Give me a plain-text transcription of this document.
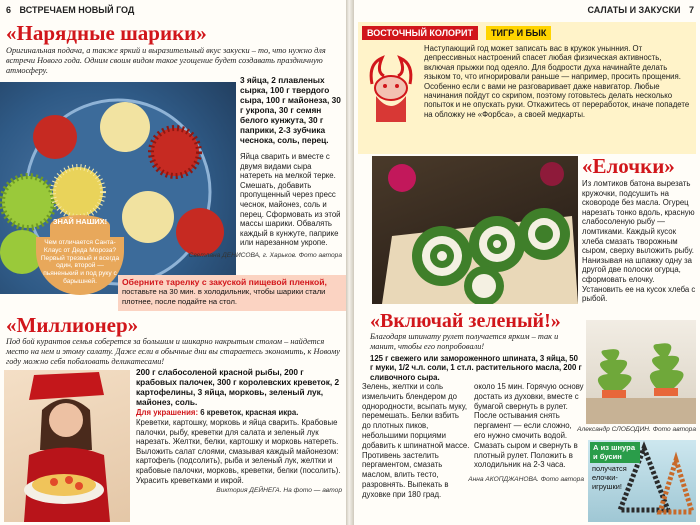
6 ВСТРЕЧАЕМ НОВЫЙ ГОД
«Нарядные шарики»
Оригинальная подача, а также яркий и выразительный вкус закуски – то, что нужно для встречи Нового года. Одним своим видом такое угощение будет создавать праздничную атмосферу.
ЗНАЙ НАШИХ!
Чем отличается Санта-Клаус от Деда Мороза? Первый трезвый и всегда один, второй — пьяненький и под руку с барышней.
3 яйца, 2 плавленых сырка, 100 г твердого сыра, 100 г майонеза, 30 г укропа, 30 г семян белого кунжута, 30 г паприки, 2-3 зубчика чеснока, соль, перец.
Яйца сварить и вместе с двумя видами сыра натереть на мелкой терке. Смешать, добавить пропущенный через пресс чеснок, майонез, соль и перец. Сформовать из этой массы шарики. Обвалять каждый в кунжуте, паприке или нарезанном укропе.
Светлана ДЕНИСОВА, г. Харьков. Фото автора
Оберните тарелку с закуской пищевой пленкой, поставьте на 30 мин. в холодильник, чтобы шарики стали плотнее, после подайте на стол.
«Миллионер»
Под бой курантов семья соберется за большим и шикарно накрытым столом – найдется место на нем и этому салату. Даже если в обычные дни вы стараетесь экономить, к Новому году можно себя побаловать деликатесами!
200 г слабосоленой красной рыбы, 200 г крабовых палочек, 300 г королевских креветок, 2 картофелины, 3 яйца, морковь, зеленый лук, майонез, соль.
Для украшения: 6 креветок, красная икра.
Креветки, картошку, морковь и яйца сварить. Крабовые палочки, рыбу, креветки для салата и зеленый лук нарезать. Желтки, белки, картошку и морковь натереть. Выложить салат слоями, смазывая каждый майонезом: картофель (подсолить), рыба и зеленый лук, желтки и крабовые палочки, морковь, креветки, белки (посолить). Украсить креветками и икрой.
Виктория ДЕЙНЕГА. На фото — автор
САЛАТЫ И ЗАКУСКИ 7
ВОСТОЧНЫЙ КОЛОРИТ	ТИГР И БЫК
Наступающий год может записать вас в кружок унынния. От депрессивных настроений спасет любая физическая активность, включая прыжки под одеяло. Для бодрости духа начинайте делать языком то, что игнорировали раньше — например, просить прощения. Особенно если с вами не разговаривает даже навигатор. Любые начинания пойдут со скрипом, поэтому готовьтесь делать несколько попыток и не опускать руки. Откажитесь от переработок, иначе попадете на обложку не «Форбса», а своей медкарты.
«Елочки»
Из ломтиков батона вырезать кружочки, подсушить на сковороде без масла. Огурец нарезать тонко вдоль, красную слабосоленую рыбу — ломтиками. Каждый кусок хлеба смазать творожным сыром, сверху выложить рыбу. Нанизывая на шпажку одну за другой две полоски огурца, сформовать елочку. Установить ее на кусок хлеба с рыбой.
Александр СЛОБОДИН. Фото автора
«Включай зеленый!»
Благодаря шпинату рулет получается ярким – так и манит, чтобы его попробовали!
125 г свежего или замороженного шпината, 3 яйца, 50 г муки, 1/2 ч.л. соли, 1 ст.л. растительного масла, 200 г сливочного сыра.
Зелень, желтки и соль измельчить блендером до однородности, всыпать муку, перемешать. Белки взбить до плотных пиков, небольшими порциями добавить к шпинатной массе. Противень застелить пергаментом, смазать маслом, влить тесто, разровнять. Выпекать в духовке при 180 град.
около 15 мин. Горячую основу достать из духовки, вместе с бумагой свернуть в рулет. После остывания снять пергамент — если сложно, его нужно смочить водой. Смазать сыром и свернуть в плотный рулет. Положить в холодильник на 2-3 часа.
Анна АКОПДЖАНОВА. Фото автора
А из шнура и бусин
получатся елочки-игрушки!
